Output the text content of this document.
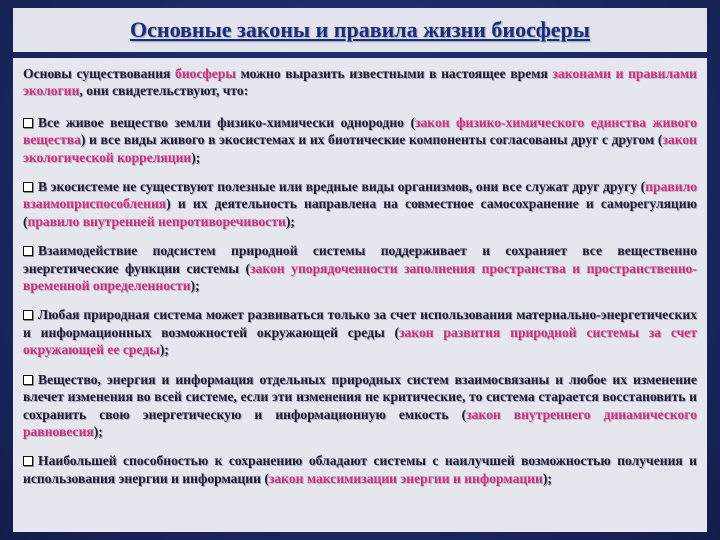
Основные законы и правила жизни биосферы

Основы существования биосферы можно выразить известными в настоящее время законами и правилами экологии, они свидетельствуют, что:

Все живое вещество земли физико-химически однородно (закон физико-химического единства живого вещества) и все виды живого в экосистемах и их биотические компоненты согласованы друг с другом (закон экологической корреляции);

В экосистеме не существуют полезные или вредные виды организмов, они все служат друг другу (правило взаимоприспособления) и их деятельность направлена на совместное самосохранение и саморегуляцию (правило внутренней непротиворечивости);

Взаимодействие подсистем природной системы поддерживает и сохраняет все вещественно энергетические функции системы (закон упорядоченности заполнения пространства и пространственно-временной определенности);

Любая природная система может развиваться только за счет использования материально-энергетических и информационных возможностей окружающей среды (закон развития природной системы за счет окружающей ее среды);

Вещество, энергия и информация отдельных природных систем взаимосвязаны и любое их изменение влечет изменения во всей системе, если эти изменения не критические, то система старается восстановить и сохранить свою энергетическую и информационную емкость (закон внутреннего динамического равновесия);

Наибольшей способностью к сохранению обладают системы с наилучшей возможностью получения и использования энергии и информации (закон максимизации энергии и информации);
